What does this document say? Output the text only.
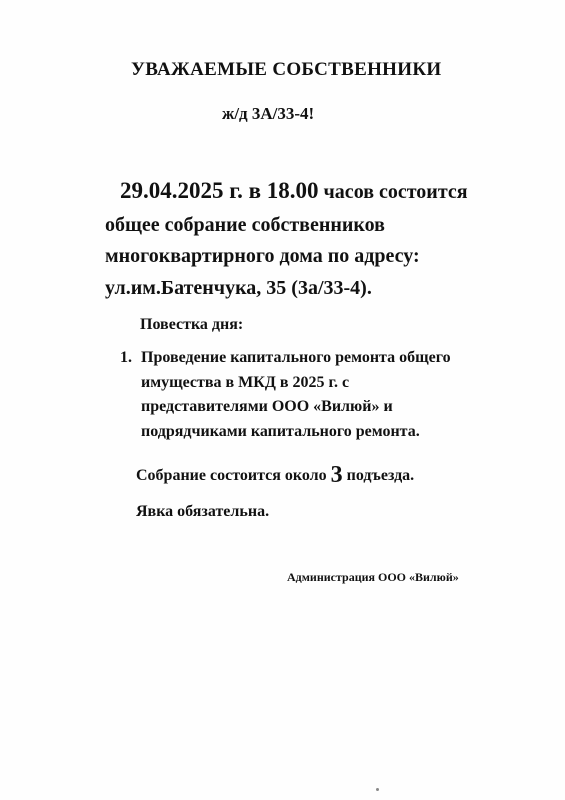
УВАЖАЕМЫЕ СОБСТВЕННИКИ
ж/д 3А/33-4!
29.04.2025 г. в 18.00 часов состоится
общее собрание собственников
многоквартирного дома по адресу:
ул.им.Батенчука, 35 (3а/33-4).
Повестка дня:
1. Проведение капитального ремонта общего
имущества в МКД в 2025 г. с
представителями ООО «Вилюй» и
подрядчиками капитального ремонта.
Собрание состоится около 3 подъезда.
Явка обязательна.
Администрация ООО «Вилюй»
